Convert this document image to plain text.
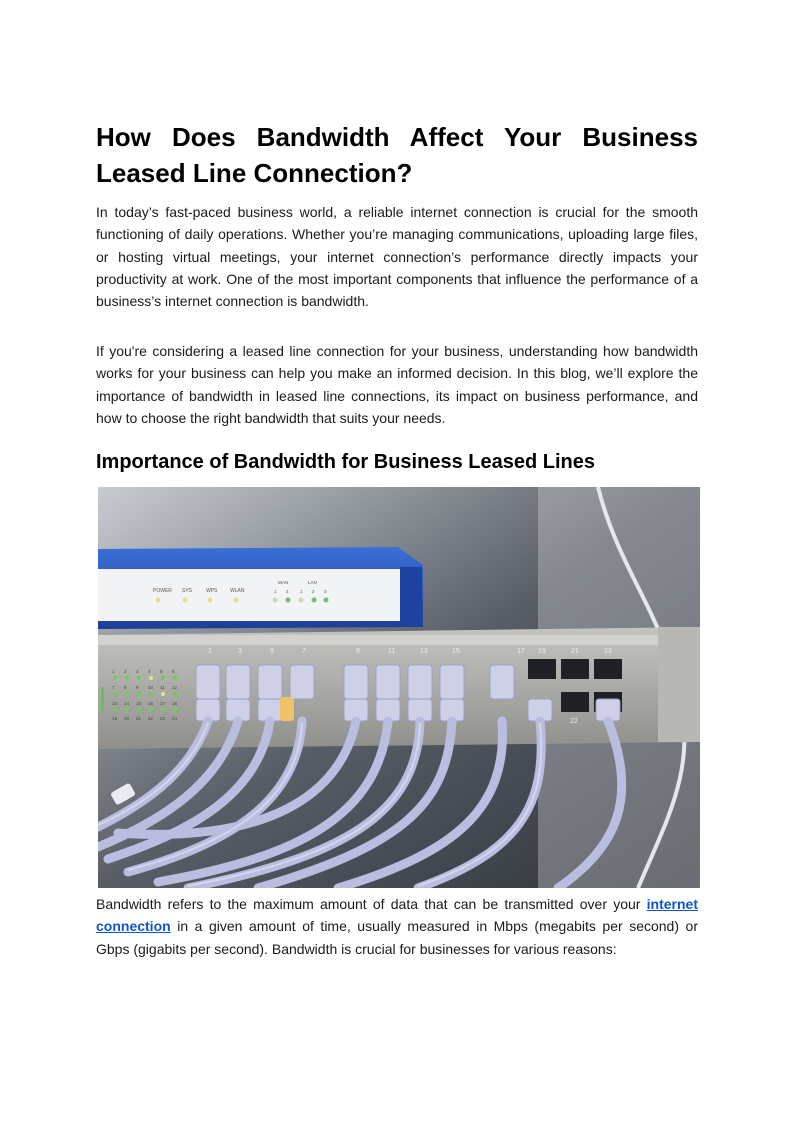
How Does Bandwidth Affect Your Business Leased Line Connection?

In today’s fast-paced business world, a reliable internet connection is crucial for the smooth functioning of daily operations. Whether you’re managing communications, uploading large files, or hosting virtual meetings, your internet connection’s performance directly impacts your productivity at work. One of the most important components that influence the performance of a business’s internet connection is bandwidth.

If you're considering a leased line connection for your business, understanding how bandwidth works for your business can help you make an informed decision. In this blog, we’ll explore the importance of bandwidth in leased line connections, its impact on business performance, and how to choose the right bandwidth that suits your needs.

Importance of Bandwidth for Business Leased Lines
POWER SYS	WPS	WLAN
WAN	LAN
1 2	1 2 3
17 19	21	23
22
1	3	5	7	9	11	13	15
1 2 3 4 5 6
7 8 9 10 11 12
13 14 15 16 17 18
19 20 21 22 23 24

Bandwidth refers to the maximum amount of data that can be transmitted over your internet connection in a given amount of time, usually measured in Mbps (megabits per second) or Gbps (gigabits per second). Bandwidth is crucial for businesses for various reasons:
